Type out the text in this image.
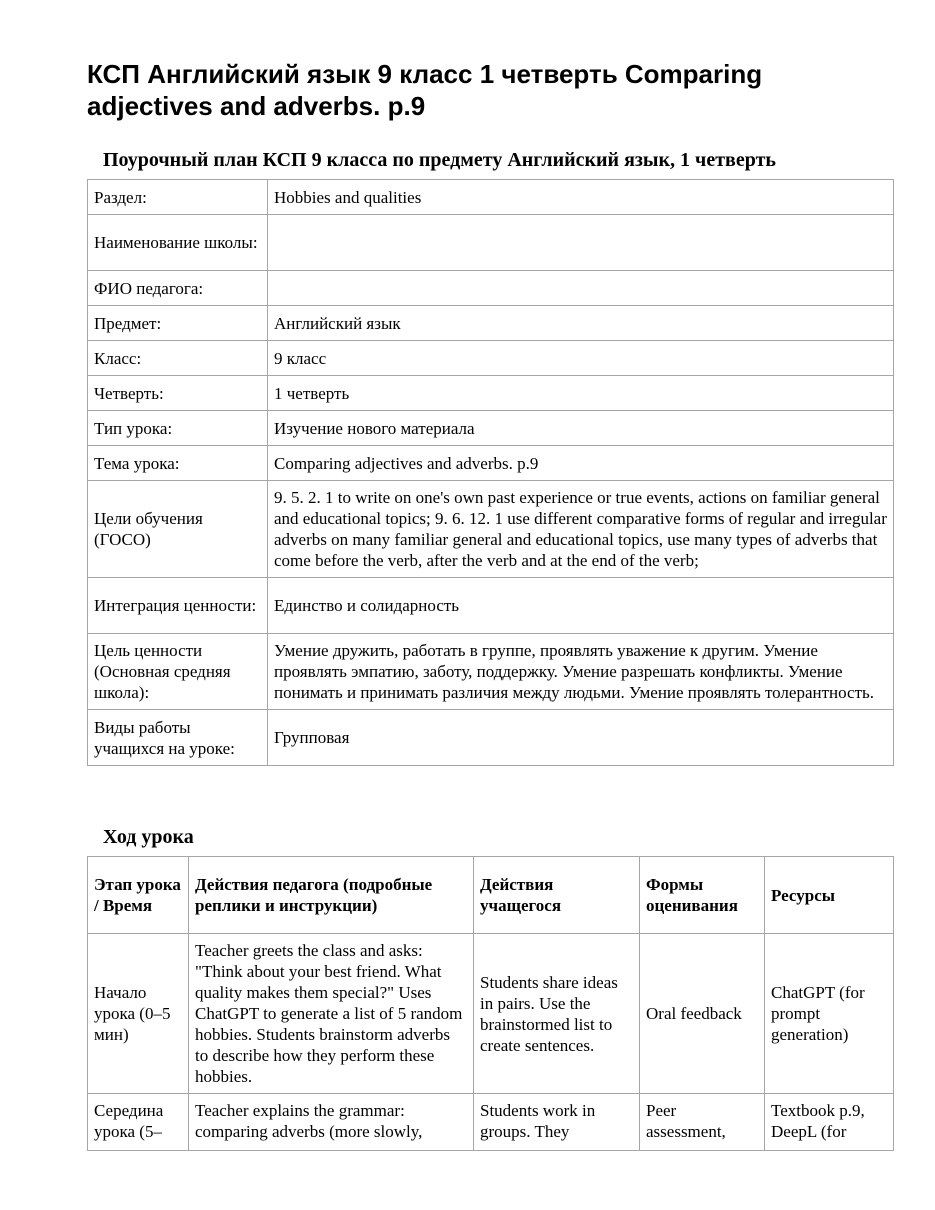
КСП Английский язык 9 класс 1 четверть Comparing adjectives and adverbs. p.9
Поурочный план КСП 9 класса по предмету Английский язык, 1 четверть
Раздел:	Hobbies and qualities
Наименование школы:	
ФИО педагога:	
Предмет:	Английский язык
Класс:	9 класс
Четверть:	1 четверть
Тип урока:	Изучение нового материала
Тема урока:	Comparing adjectives and adverbs. p.9
Цели обучения (ГОСО)	9. 5. 2. 1 to write on one's own past experience or true events, actions on familiar general and educational topics; 9. 6. 12. 1 use different comparative forms of regular and irregular adverbs on many familiar general and educational topics, use many types of adverbs that come before the verb, after the verb and at the end of the verb;
Интеграция ценности:	Единство и солидарность
Цель ценности (Основная средняя школа):	Умение дружить, работать в группе, проявлять уважение к другим. Умение проявлять эмпатию, заботу, поддержку. Умение разрешать конфликты. Умение понимать и принимать различия между людьми. Умение проявлять толерантность.
Виды работы учащихся на уроке:	Групповая
Ход урока
Этап урока / Время	Действия педагога (подробные реплики и инструкции)	Действия учащегося	Формы оценивания	Ресурсы
Начало урока (0–5 мин)	Teacher greets the class and asks: "Think about your best friend. What quality makes them special?" Uses ChatGPT to generate a list of 5 random hobbies. Students brainstorm adverbs to describe how they perform these hobbies.	Students share ideas in pairs. Use the brainstormed list to create sentences.	Oral feedback	ChatGPT (for prompt generation)
Середина урока (5–	Teacher explains the grammar: comparing adverbs (more slowly,	Students work in groups. They	Peer assessment,	Textbook p.9, DeepL (for
